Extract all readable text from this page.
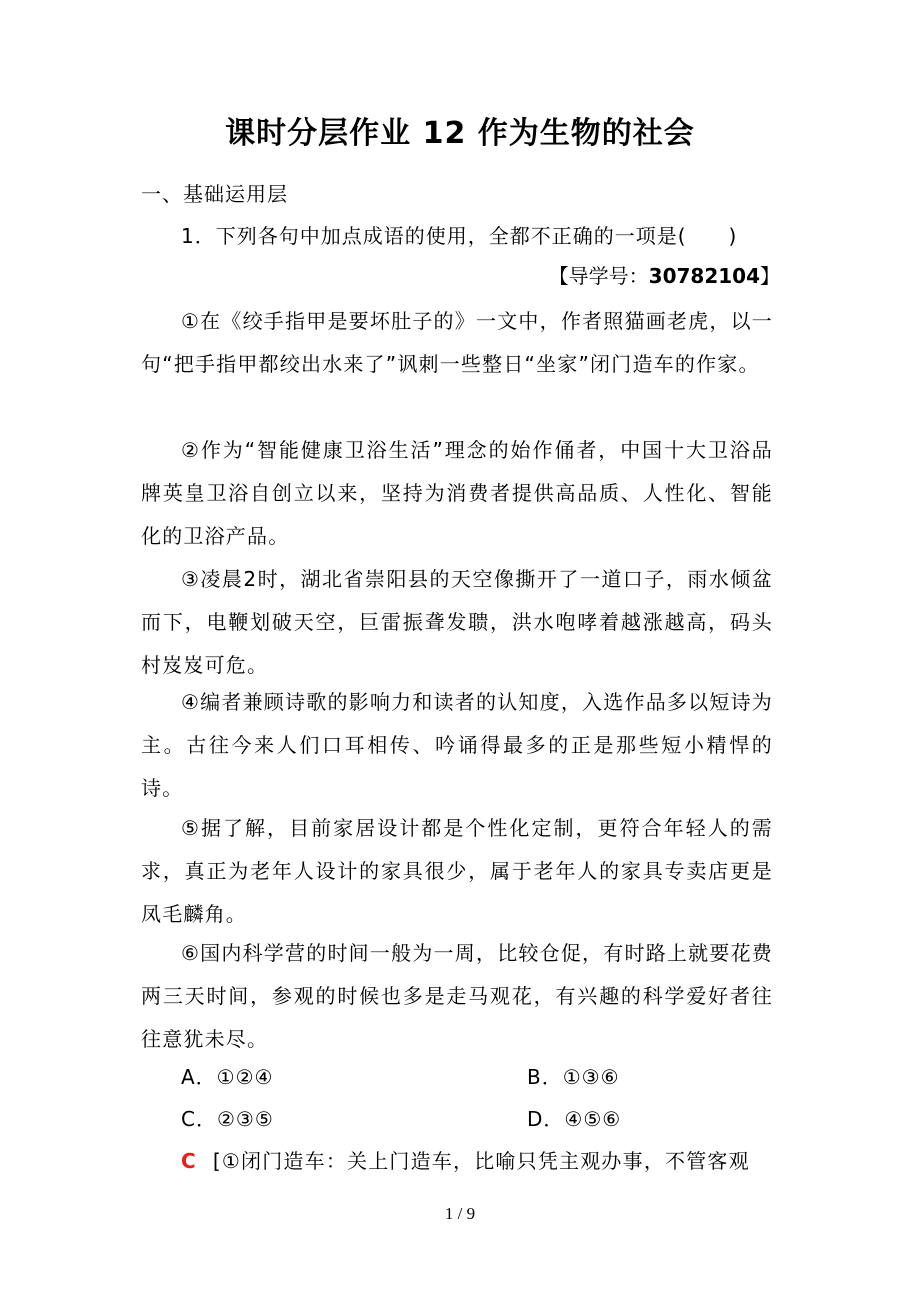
课时分层作业 12 作为生物的社会
一、基础运用层

1．下列各句中加点成语的使用，全都不正确的一项是(　　)

【导学号：30782104】

①在《绞手指甲是要坏肚子的》一文中，作者照猫画老虎，以一句“把手指甲都绞出水来了”讽刺一些整日“坐家”闭门造车的作家。

②作为“智能健康卫浴生活”理念的始作俑者，中国十大卫浴品牌英皇卫浴自创立以来，坚持为消费者提供高品质、人性化、智能化的卫浴产品。

③凌晨2时，湖北省崇阳县的天空像撕开了一道口子，雨水倾盆而下，电鞭划破天空，巨雷振聋发聩，洪水咆哮着越涨越高，码头村岌岌可危。

④编者兼顾诗歌的影响力和读者的认知度，入选作品多以短诗为主。古往今来人们口耳相传、吟诵得最多的正是那些短小精悍的诗。

⑤据了解，目前家居设计都是个性化定制，更符合年轻人的需求，真正为老年人设计的家具很少，属于老年人的家具专卖店更是凤毛麟角。

⑥国内科学营的时间一般为一周，比较仓促，有时路上就要花费两三天时间，参观的时候也多是走马观花，有兴趣的科学爱好者往往意犹未尽。

A．①②④	B．①③⑥

C．②③⑤	D．④⑤⑥

C [①闭门造车：关上门造车，比喻只凭主观办事，不管客观

1 / 9
